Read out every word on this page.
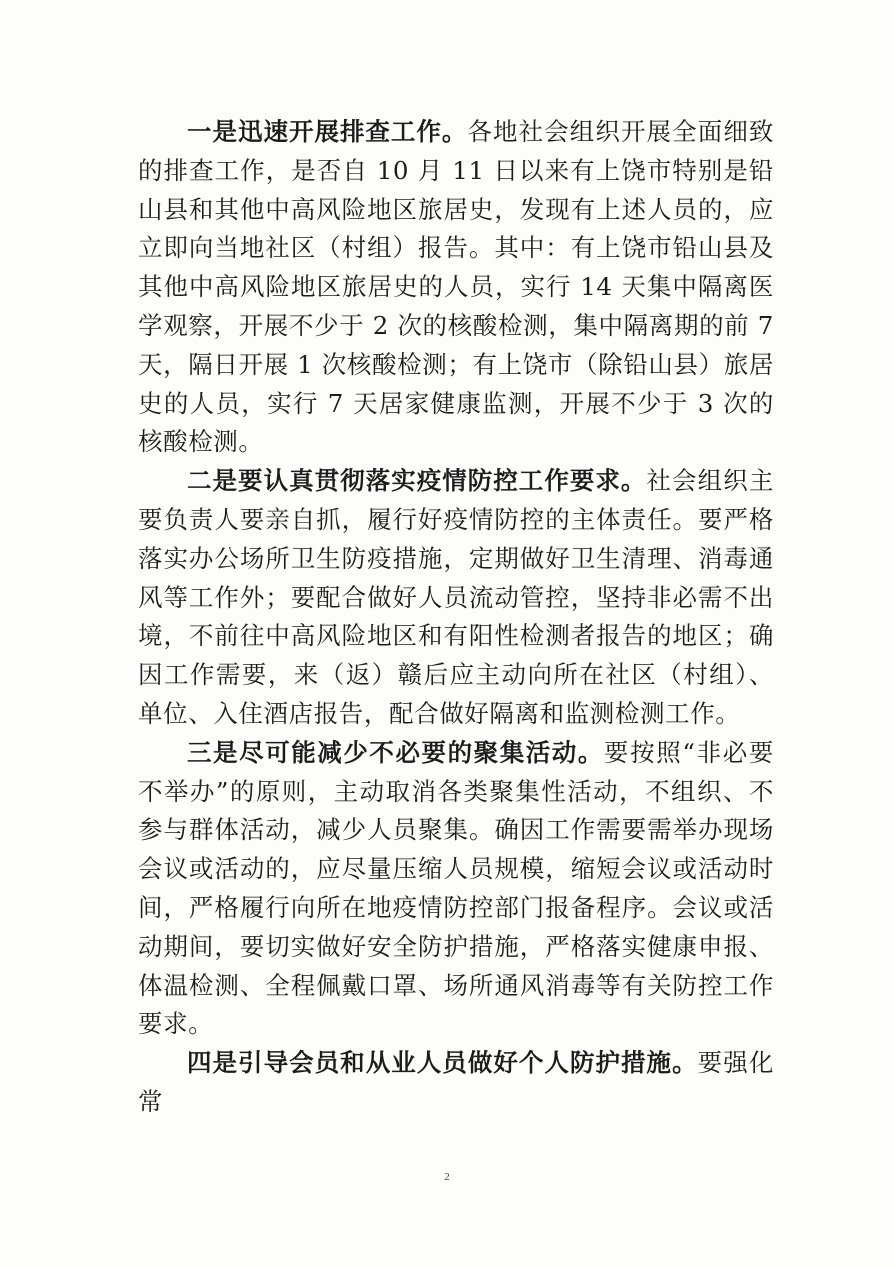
一是迅速开展排查工作。各地社会组织开展全面细致的排查工作，是否自 10 月 11 日以来有上饶市特别是铅山县和其他中高风险地区旅居史，发现有上述人员的，应立即向当地社区（村组）报告。其中：有上饶市铅山县及其他中高风险地区旅居史的人员，实行 14 天集中隔离医学观察，开展不少于 2 次的核酸检测，集中隔离期的前 7 天，隔日开展 1 次核酸检测；有上饶市（除铅山县）旅居史的人员，实行 7 天居家健康监测，开展不少于 3 次的核酸检测。

二是要认真贯彻落实疫情防控工作要求。社会组织主要负责人要亲自抓，履行好疫情防控的主体责任。要严格落实办公场所卫生防疫措施，定期做好卫生清理、消毒通风等工作外；要配合做好人员流动管控，坚持非必需不出境，不前往中高风险地区和有阳性检测者报告的地区；确因工作需要，来（返）赣后应主动向所在社区（村组）、单位、入住酒店报告，配合做好隔离和监测检测工作。

三是尽可能减少不必要的聚集活动。要按照“非必要不举办”的原则，主动取消各类聚集性活动，不组织、不参与群体活动，减少人员聚集。确因工作需要需举办现场会议或活动的，应尽量压缩人员规模，缩短会议或活动时间，严格履行向所在地疫情防控部门报备程序。会议或活动期间，要切实做好安全防护措施，严格落实健康申报、体温检测、全程佩戴口罩、场所通风消毒等有关防控工作要求。

四是引导会员和从业人员做好个人防护措施。要强化常

2
